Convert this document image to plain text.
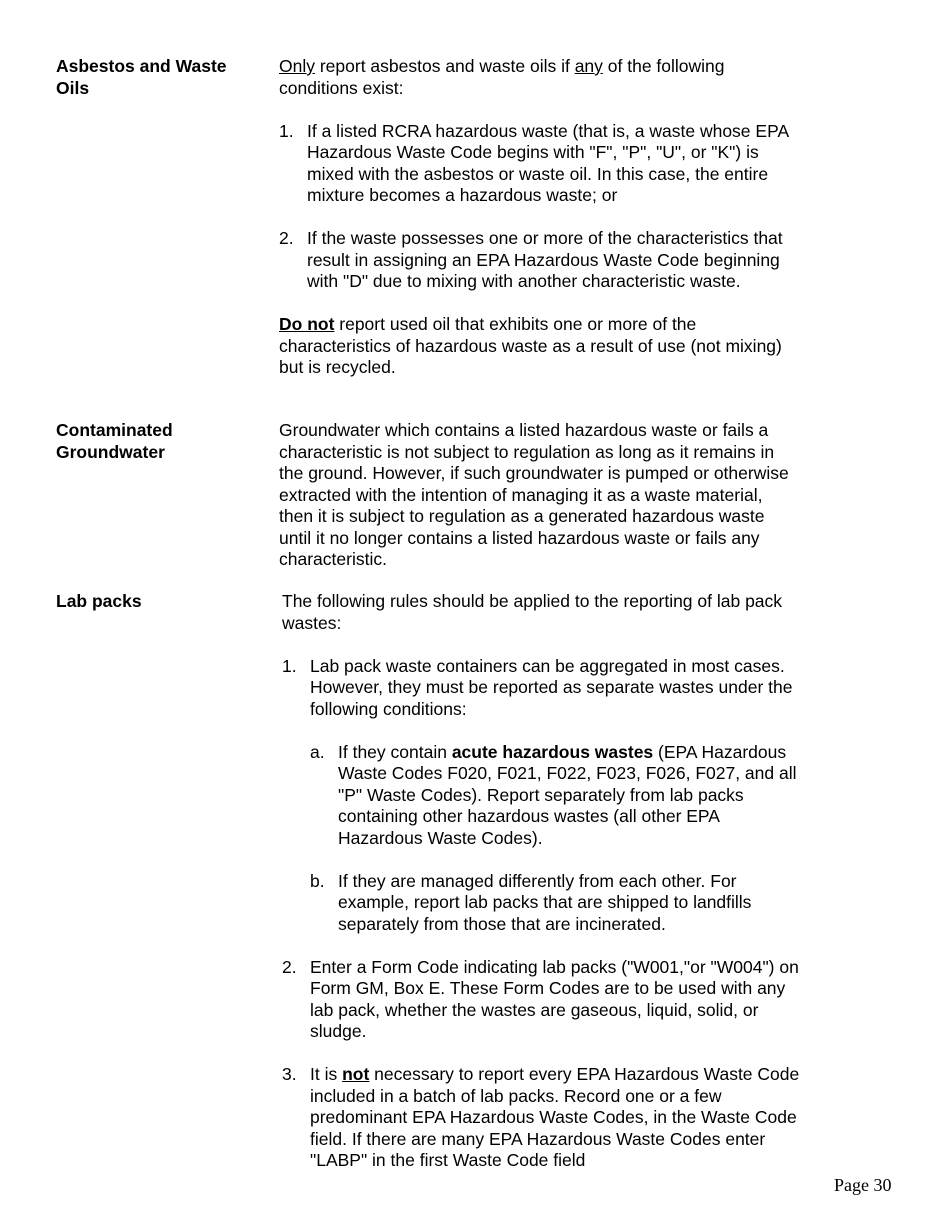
Asbestos and Waste Oils

Only report asbestos and waste oils if any of the following conditions exist:

1. If a listed RCRA hazardous waste (that is, a waste whose EPA Hazardous Waste Code begins with "F", "P", "U", or "K") is mixed with the asbestos or waste oil. In this case, the entire mixture becomes a hazardous waste; or

2. If the waste possesses one or more of the characteristics that result in assigning an EPA Hazardous Waste Code beginning with "D" due to mixing with another characteristic waste.

Do not report used oil that exhibits one or more of the characteristics of hazardous waste as a result of use (not mixing) but is recycled.

Contaminated Groundwater

Groundwater which contains a listed hazardous waste or fails a characteristic is not subject to regulation as long as it remains in the ground. However, if such groundwater is pumped or otherwise extracted with the intention of managing it as a waste material, then it is subject to regulation as a generated hazardous waste until it no longer contains a listed hazardous waste or fails any characteristic.

Lab packs	The following rules should be applied to the reporting of lab pack wastes:

1. Lab pack waste containers can be aggregated in most cases. However, they must be reported as separate wastes under the following conditions:

a. If they contain acute hazardous wastes (EPA Hazardous Waste Codes F020, F021, F022, F023, F026, F027, and all "P" Waste Codes). Report separately from lab packs containing other hazardous wastes (all other EPA Hazardous Waste Codes).

b. If they are managed differently from each other. For example, report lab packs that are shipped to landfills separately from those that are incinerated.

2. Enter a Form Code indicating lab packs ("W001,"or "W004") on Form GM, Box E. These Form Codes are to be used with any lab pack, whether the wastes are gaseous, liquid, solid, or sludge.

3. It is not necessary to report every EPA Hazardous Waste Code included in a batch of lab packs. Record one or a few predominant EPA Hazardous Waste Codes, in the Waste Code field. If there are many EPA Hazardous Waste Codes enter "LABP" in the first Waste Code field

Page 30
